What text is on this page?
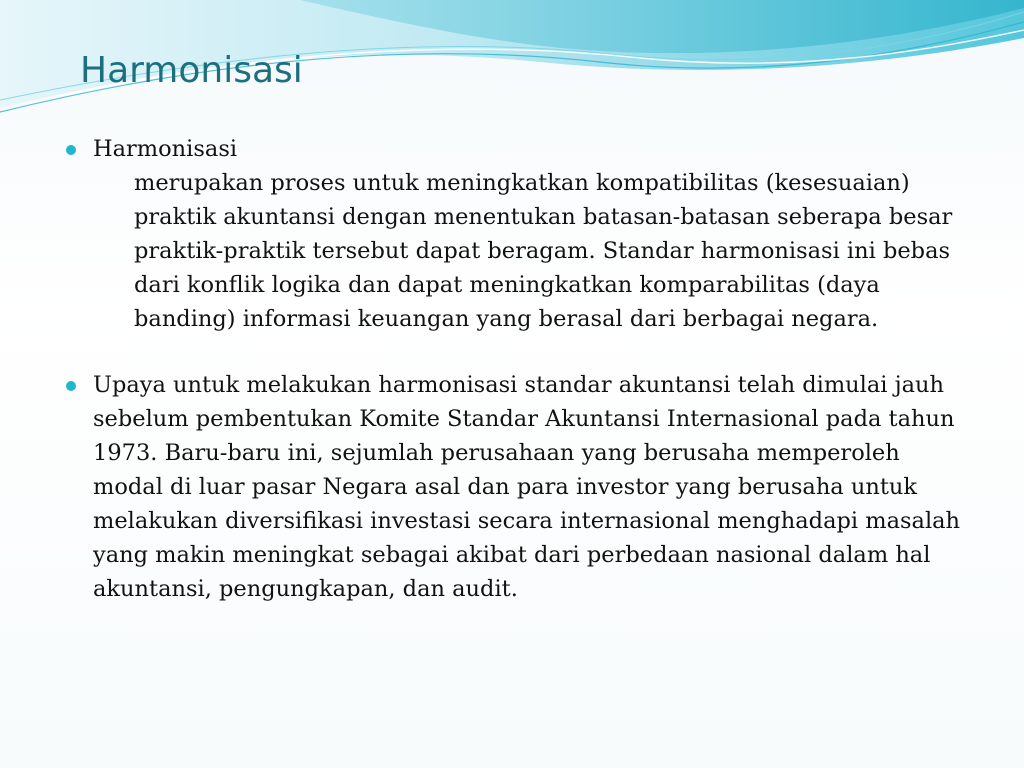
Harmonisasi

Harmonisasi

merupakan proses untuk meningkatkan kompatibilitas (kesesuaian) praktik akuntansi dengan menentukan batasan-batasan seberapa besar praktik-praktik tersebut dapat beragam. Standar harmonisasi ini bebas dari konflik logika dan dapat meningkatkan komparabilitas (daya banding) informasi keuangan yang berasal dari berbagai negara.

Upaya untuk melakukan harmonisasi standar akuntansi telah dimulai jauh sebelum pembentukan Komite Standar Akuntansi Internasional pada tahun 1973. Baru-baru ini, sejumlah perusahaan yang berusaha memperoleh modal di luar pasar Negara asal dan para investor yang berusaha untuk melakukan diversifikasi investasi secara internasional menghadapi masalah yang makin meningkat sebagai akibat dari perbedaan nasional dalam hal akuntansi, pengungkapan, dan audit.
